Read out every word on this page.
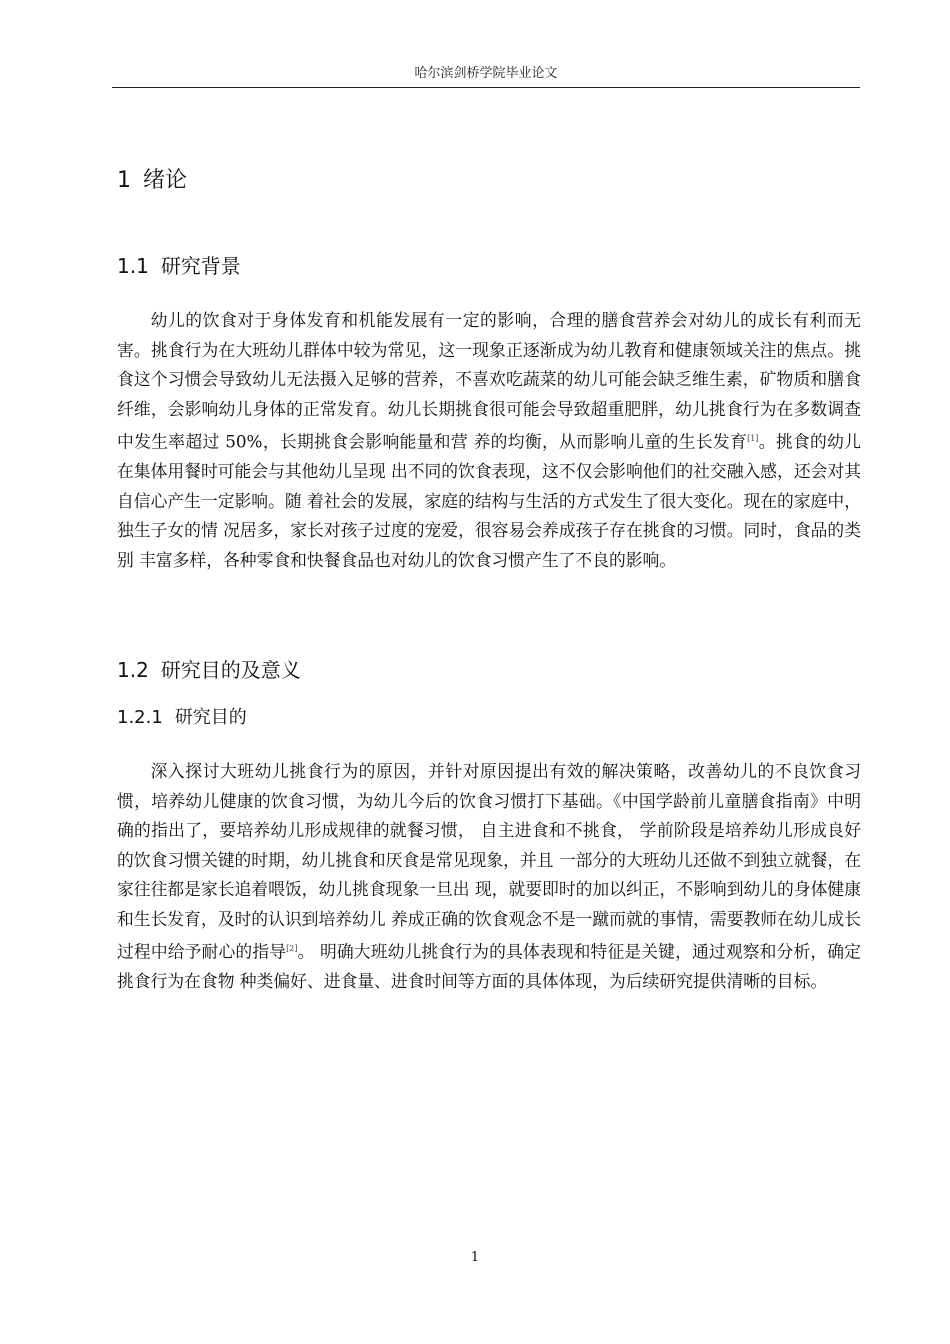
哈尔滨剑桥学院毕业论文
1 绪论
1.1 研究背景

幼儿的饮食对于身体发育和机能发展有一定的影响，合理的膳食营养会对幼儿的成长有利而无害。挑食行为在大班幼儿群体中较为常见，这一现象正逐渐成为幼儿教育和健康领域关注的焦点。挑食这个习惯会导致幼儿无法摄入足够的营养，不喜欢吃蔬菜的幼儿可能会缺乏维生素，矿物质和膳食纤维，会影响幼儿身体的正常发育。幼儿长期挑食很可能会导致超重肥胖，幼儿挑食行为在多数调查中发生率超过 50%，长期挑食会影响能量和营 养的均衡，从而影响儿童的生长发育[1]。挑食的幼儿在集体用餐时可能会与其他幼儿呈现 出不同的饮食表现，这不仅会影响他们的社交融入感，还会对其自信心产生一定影响。随 着社会的发展，家庭的结构与生活的方式发生了很大变化。现在的家庭中，独生子女的情 况居多，家长对孩子过度的宠爱，很容易会养成孩子存在挑食的习惯。同时，食品的类别 丰富多样，各种零食和快餐食品也对幼儿的饮食习惯产生了不良的影响。

1.2 研究目的及意义
1.2.1 研究目的

深入探讨大班幼儿挑食行为的原因，并针对原因提出有效的解决策略，改善幼儿的不良饮食习惯，培养幼儿健康的饮食习惯，为幼儿今后的饮食习惯打下基础。《中国学龄前儿童膳食指南》中明确的指出了，要培养幼儿形成规律的就餐习惯， 自主进食和不挑食， 学前阶段是培养幼儿形成良好的饮食习惯关键的时期，幼儿挑食和厌食是常见现象，并且 一部分的大班幼儿还做不到独立就餐，在家往往都是家长追着喂饭，幼儿挑食现象一旦出 现，就要即时的加以纠正，不影响到幼儿的身体健康和生长发育，及时的认识到培养幼儿 养成正确的饮食观念不是一蹴而就的事情，需要教师在幼儿成长过程中给予耐心的指导[2]。 明确大班幼儿挑食行为的具体表现和特征是关键，通过观察和分析，确定挑食行为在食物 种类偏好、进食量、进食时间等方面的具体体现，为后续研究提供清晰的目标。

1
